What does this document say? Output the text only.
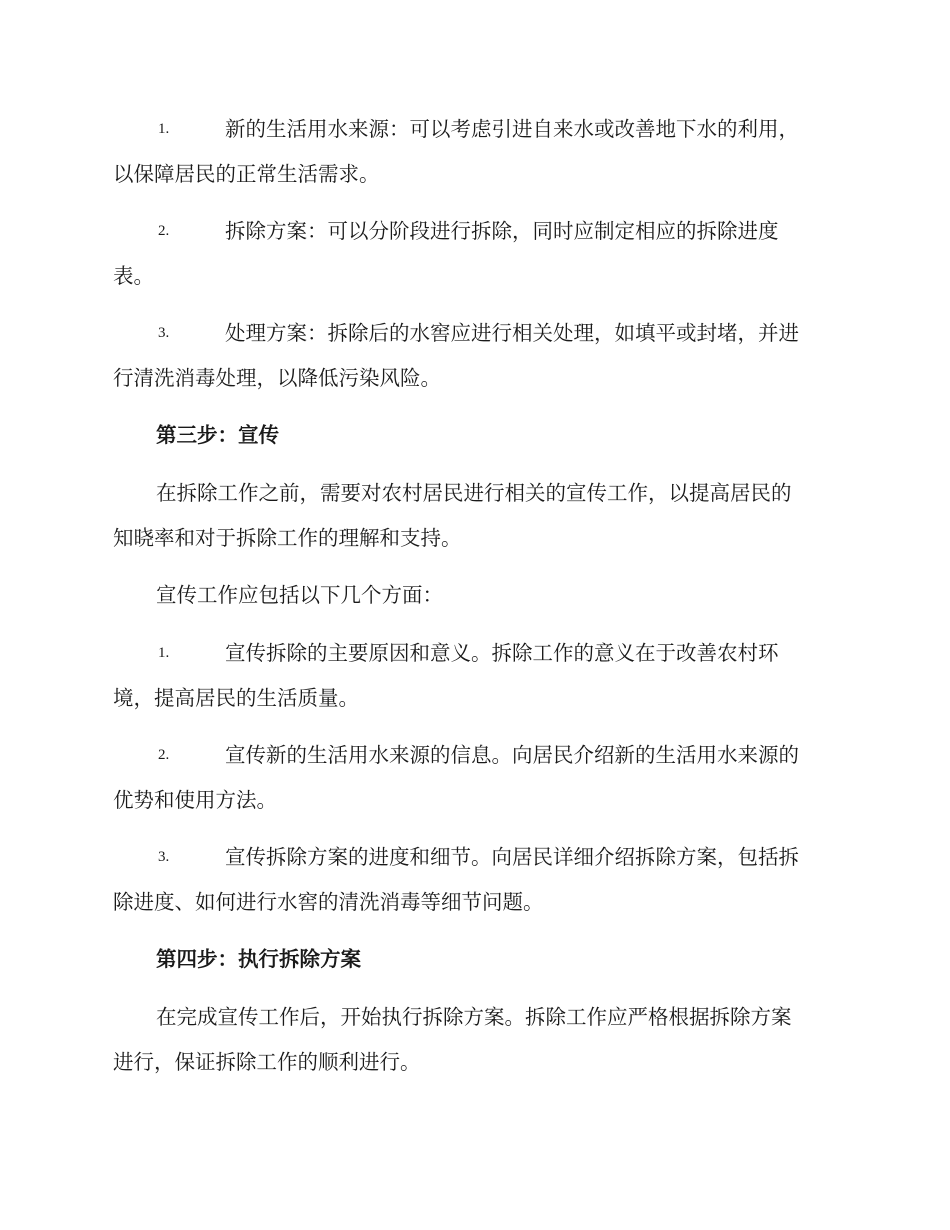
1.	新的生活用水来源：可以考虑引进自来水或改善地下水的利用，
以保障居民的正常生活需求。
2.	拆除方案：可以分阶段进行拆除，同时应制定相应的拆除进度
表。
3.	处理方案：拆除后的水窖应进行相关处理，如填平或封堵，并进
行清洗消毒处理，以降低污染风险。
第三步：宣传
在拆除工作之前，需要对农村居民进行相关的宣传工作，以提高居民的
知晓率和对于拆除工作的理解和支持。
宣传工作应包括以下几个方面：
1.	宣传拆除的主要原因和意义。拆除工作的意义在于改善农村环
境，提高居民的生活质量。
2.	宣传新的生活用水来源的信息。向居民介绍新的生活用水来源的
优势和使用方法。
3.	宣传拆除方案的进度和细节。向居民详细介绍拆除方案，包括拆
除进度、如何进行水窖的清洗消毒等细节问题。
第四步：执行拆除方案
在完成宣传工作后，开始执行拆除方案。拆除工作应严格根据拆除方案
进行，保证拆除工作的顺利进行。
